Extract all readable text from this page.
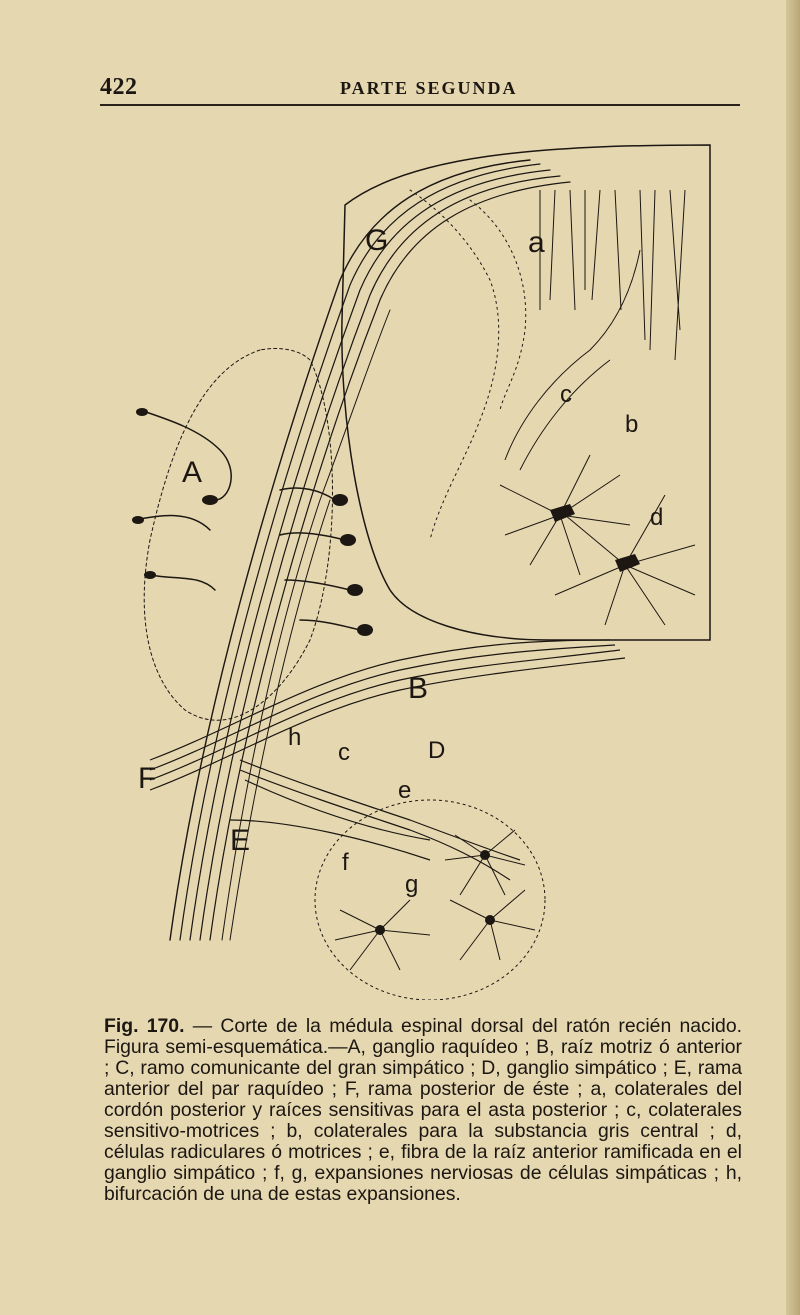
422	PARTE SEGUNDA
G	a
A
c
b
d
B
h
c	D
e
F
E
f
g
Fig. 170. — Corte de la médula espinal dorsal del ratón recién nacido. Figura semi-esquemática.—A, ganglio raquídeo ; B, raíz motriz ó anterior ; C, ramo comunicante del gran simpático ; D, ganglio simpático ; E, rama anterior del par raquídeo ; F, rama posterior de éste ; a, colaterales del cordón posterior y raíces sensitivas para el asta posterior ; c, colaterales sensitivo-motrices ; b, colaterales para la substancia gris central ; d, células radiculares ó motrices ; e, fibra de la raíz anterior ramificada en el ganglio simpático ; f, g, expansiones nerviosas de células simpáticas ; h, bifurcación de una de estas expansiones.
